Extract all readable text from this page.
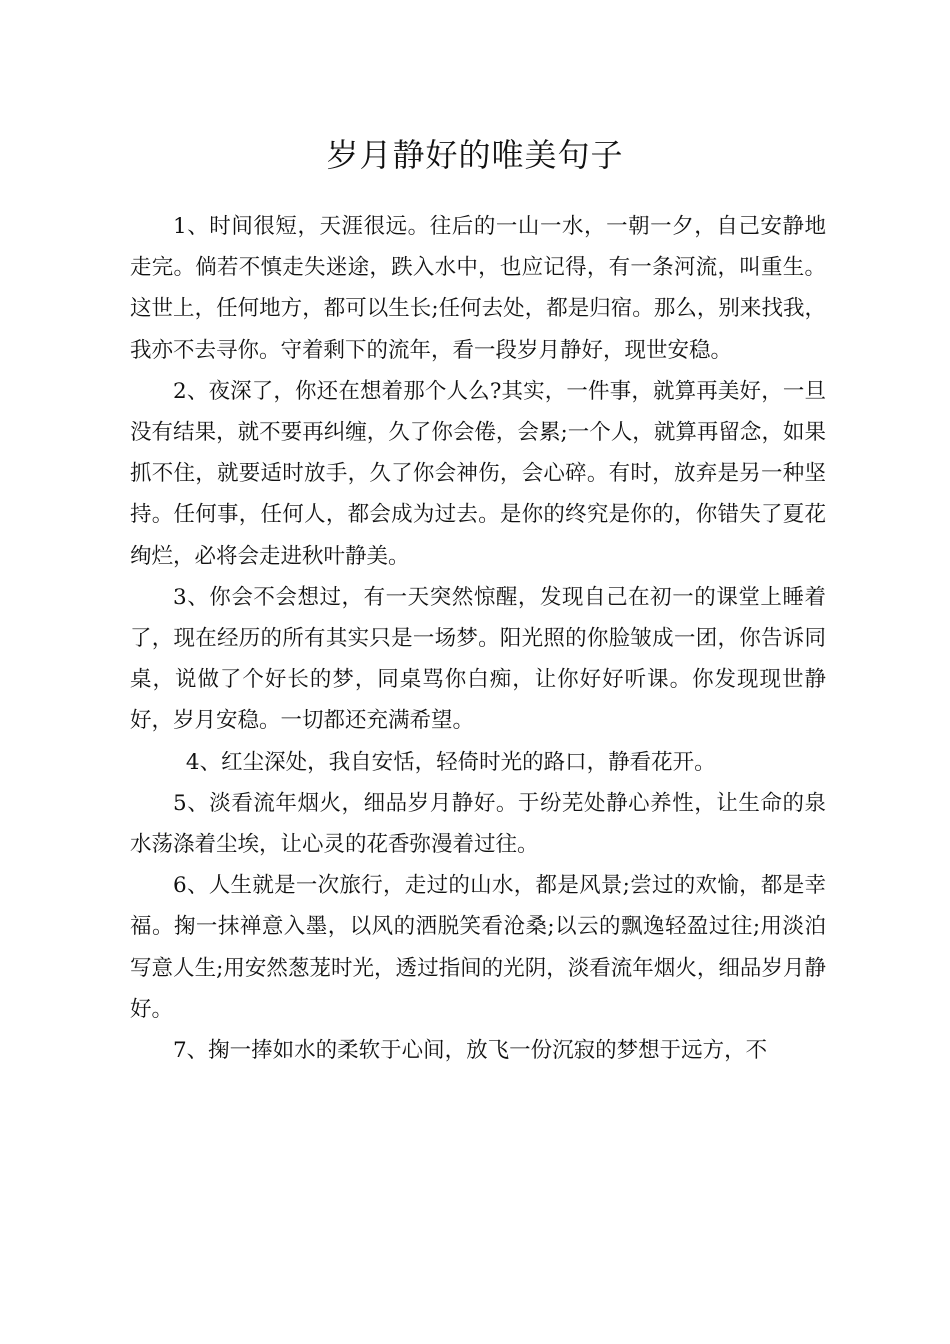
岁月静好的唯美句子

1、时间很短，天涯很远。往后的一山一水，一朝一夕，自己安静地走完。倘若不慎走失迷途，跌入水中，也应记得，有一条河流，叫重生。这世上，任何地方，都可以生长;任何去处，都是归宿。那么，别来找我，我亦不去寻你。守着剩下的流年，看一段岁月静好，现世安稳。

2、夜深了，你还在想着那个人么?其实，一件事，就算再美好，一旦没有结果，就不要再纠缠，久了你会倦，会累;一个人，就算再留念，如果抓不住，就要适时放手，久了你会神伤，会心碎。有时，放弃是另一种坚持。任何事，任何人，都会成为过去。是你的终究是你的，你错失了夏花绚烂，必将会走进秋叶静美。

3、你会不会想过，有一天突然惊醒，发现自己在初一的课堂上睡着了，现在经历的所有其实只是一场梦。阳光照的你脸皱成一团，你告诉同桌，说做了个好长的梦，同桌骂你白痴，让你好好听课。你发现现世静好，岁月安稳。一切都还充满希望。

4、红尘深处，我自安恬，轻倚时光的路口，静看花开。

5、淡看流年烟火，细品岁月静好。于纷芜处静心养性，让生命的泉水荡涤着尘埃，让心灵的花香弥漫着过往。

6、人生就是一次旅行，走过的山水，都是风景;尝过的欢愉，都是幸福。掬一抹禅意入墨，以风的洒脱笑看沧桑;以云的飘逸轻盈过往;用淡泊写意人生;用安然葱茏时光，透过指间的光阴，淡看流年烟火，细品岁月静好。

7、掬一捧如水的柔软于心间，放飞一份沉寂的梦想于远方，不
